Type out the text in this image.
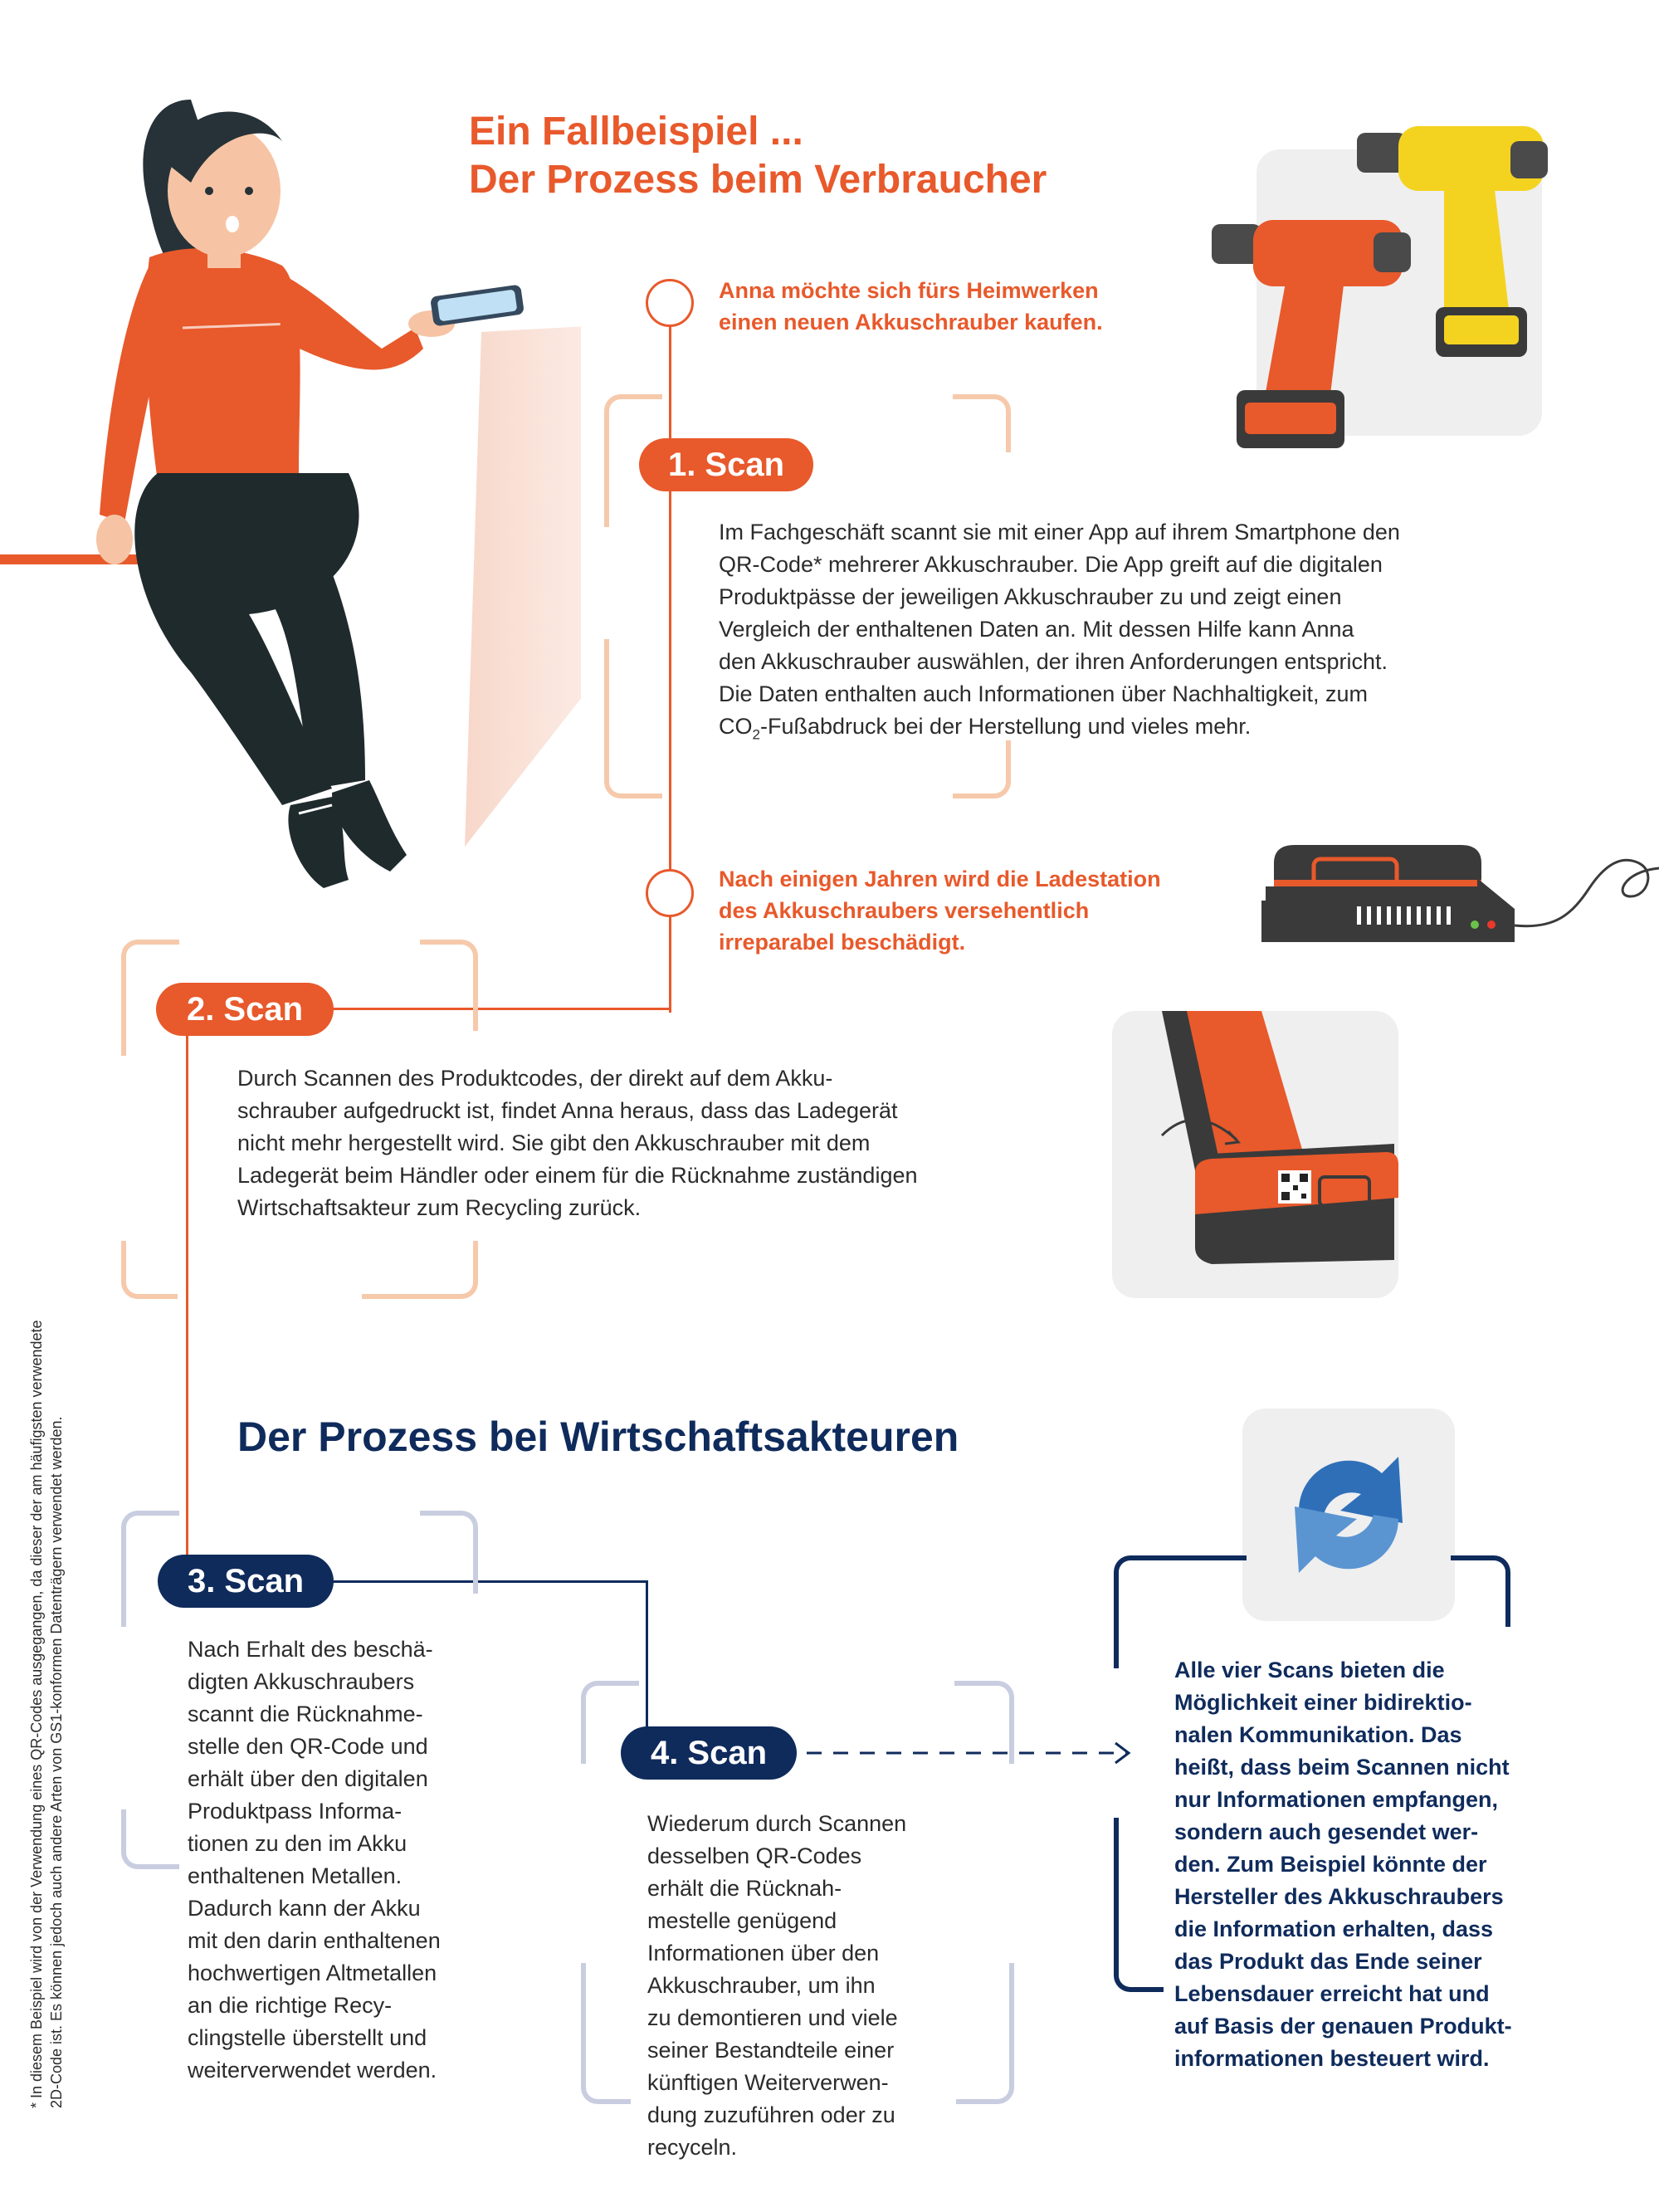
Ein Fallbeispiel ...
Der Prozess beim Verbraucher
Anna möchte sich fürs Heimwerken
einen neuen Akkuschrauber kaufen.
1. Scan
Im Fachgeschäft scannt sie mit einer App auf ihrem Smartphone den
QR-Code* mehrerer Akkuschrauber. Die App greift auf die digitalen
Produktpässe der jeweiligen Akkuschrauber zu und zeigt einen
Vergleich der enthaltenen Daten an. Mit dessen Hilfe kann Anna
den Akkuschrauber auswählen, der ihren Anforderungen entspricht.
Die Daten enthalten auch Informationen über Nachhaltigkeit, zum
$CO_2$-Fußabdruck bei der Herstellung und vieles mehr.
Nach einigen Jahren wird die Ladestation
des Akkuschraubers versehentlich
irreparabel beschädigt.
2. Scan
Durch Scannen des Produktcodes, der direkt auf dem Akku-
schrauber aufgedruckt ist, findet Anna heraus, dass das Ladegerät
nicht mehr hergestellt wird. Sie gibt den Akkuschrauber mit dem
Ladegerät beim Händler oder einem für die Rücknahme zuständigen
Wirtschaftsakteur zum Recycling zurück.
Der Prozess bei Wirtschaftsakteuren
3. Scan
Nach Erhalt des beschä-
digten Akkuschraubers
scannt die Rücknahme-
stelle den QR-Code und
erhält über den digitalen
Produktpass Informa-
tionen zu den im Akku
enthaltenen Metallen.
Dadurch kann der Akku
mit den darin enthaltenen
hochwertigen Altmetallen
an die richtige Recy-
clingstelle überstellt und
weiterverwendet werden.
4. Scan
Wiederum durch Scannen
desselben QR-Codes
erhält die Rücknah-
mestelle genügend
Informationen über den
Akkuschrauber, um ihn
zu demontieren und viele
seiner Bestandteile einer
künftigen Weiterverwen-
dung zuzuführen oder zu
recyceln.
Alle vier Scans bieten die
Möglichkeit einer bidirektio-
nalen Kommunikation. Das
heißt, dass beim Scannen nicht
nur Informationen empfangen,
sondern auch gesendet wer-
den. Zum Beispiel könnte der
Hersteller des Akkuschraubers
die Information erhalten, dass
das Produkt das Ende seiner
Lebensdauer erreicht hat und
auf Basis der genauen Produkt-
informationen besteuert wird.
* In diesem Beispiel wird von der Verwendung eines QR-Codes ausgegangen, da dieser der am häufigsten verwendete 2D-Code ist. Es können jedoch auch andere Arten von GS1-konformen Datenträgern verwendet werden.
